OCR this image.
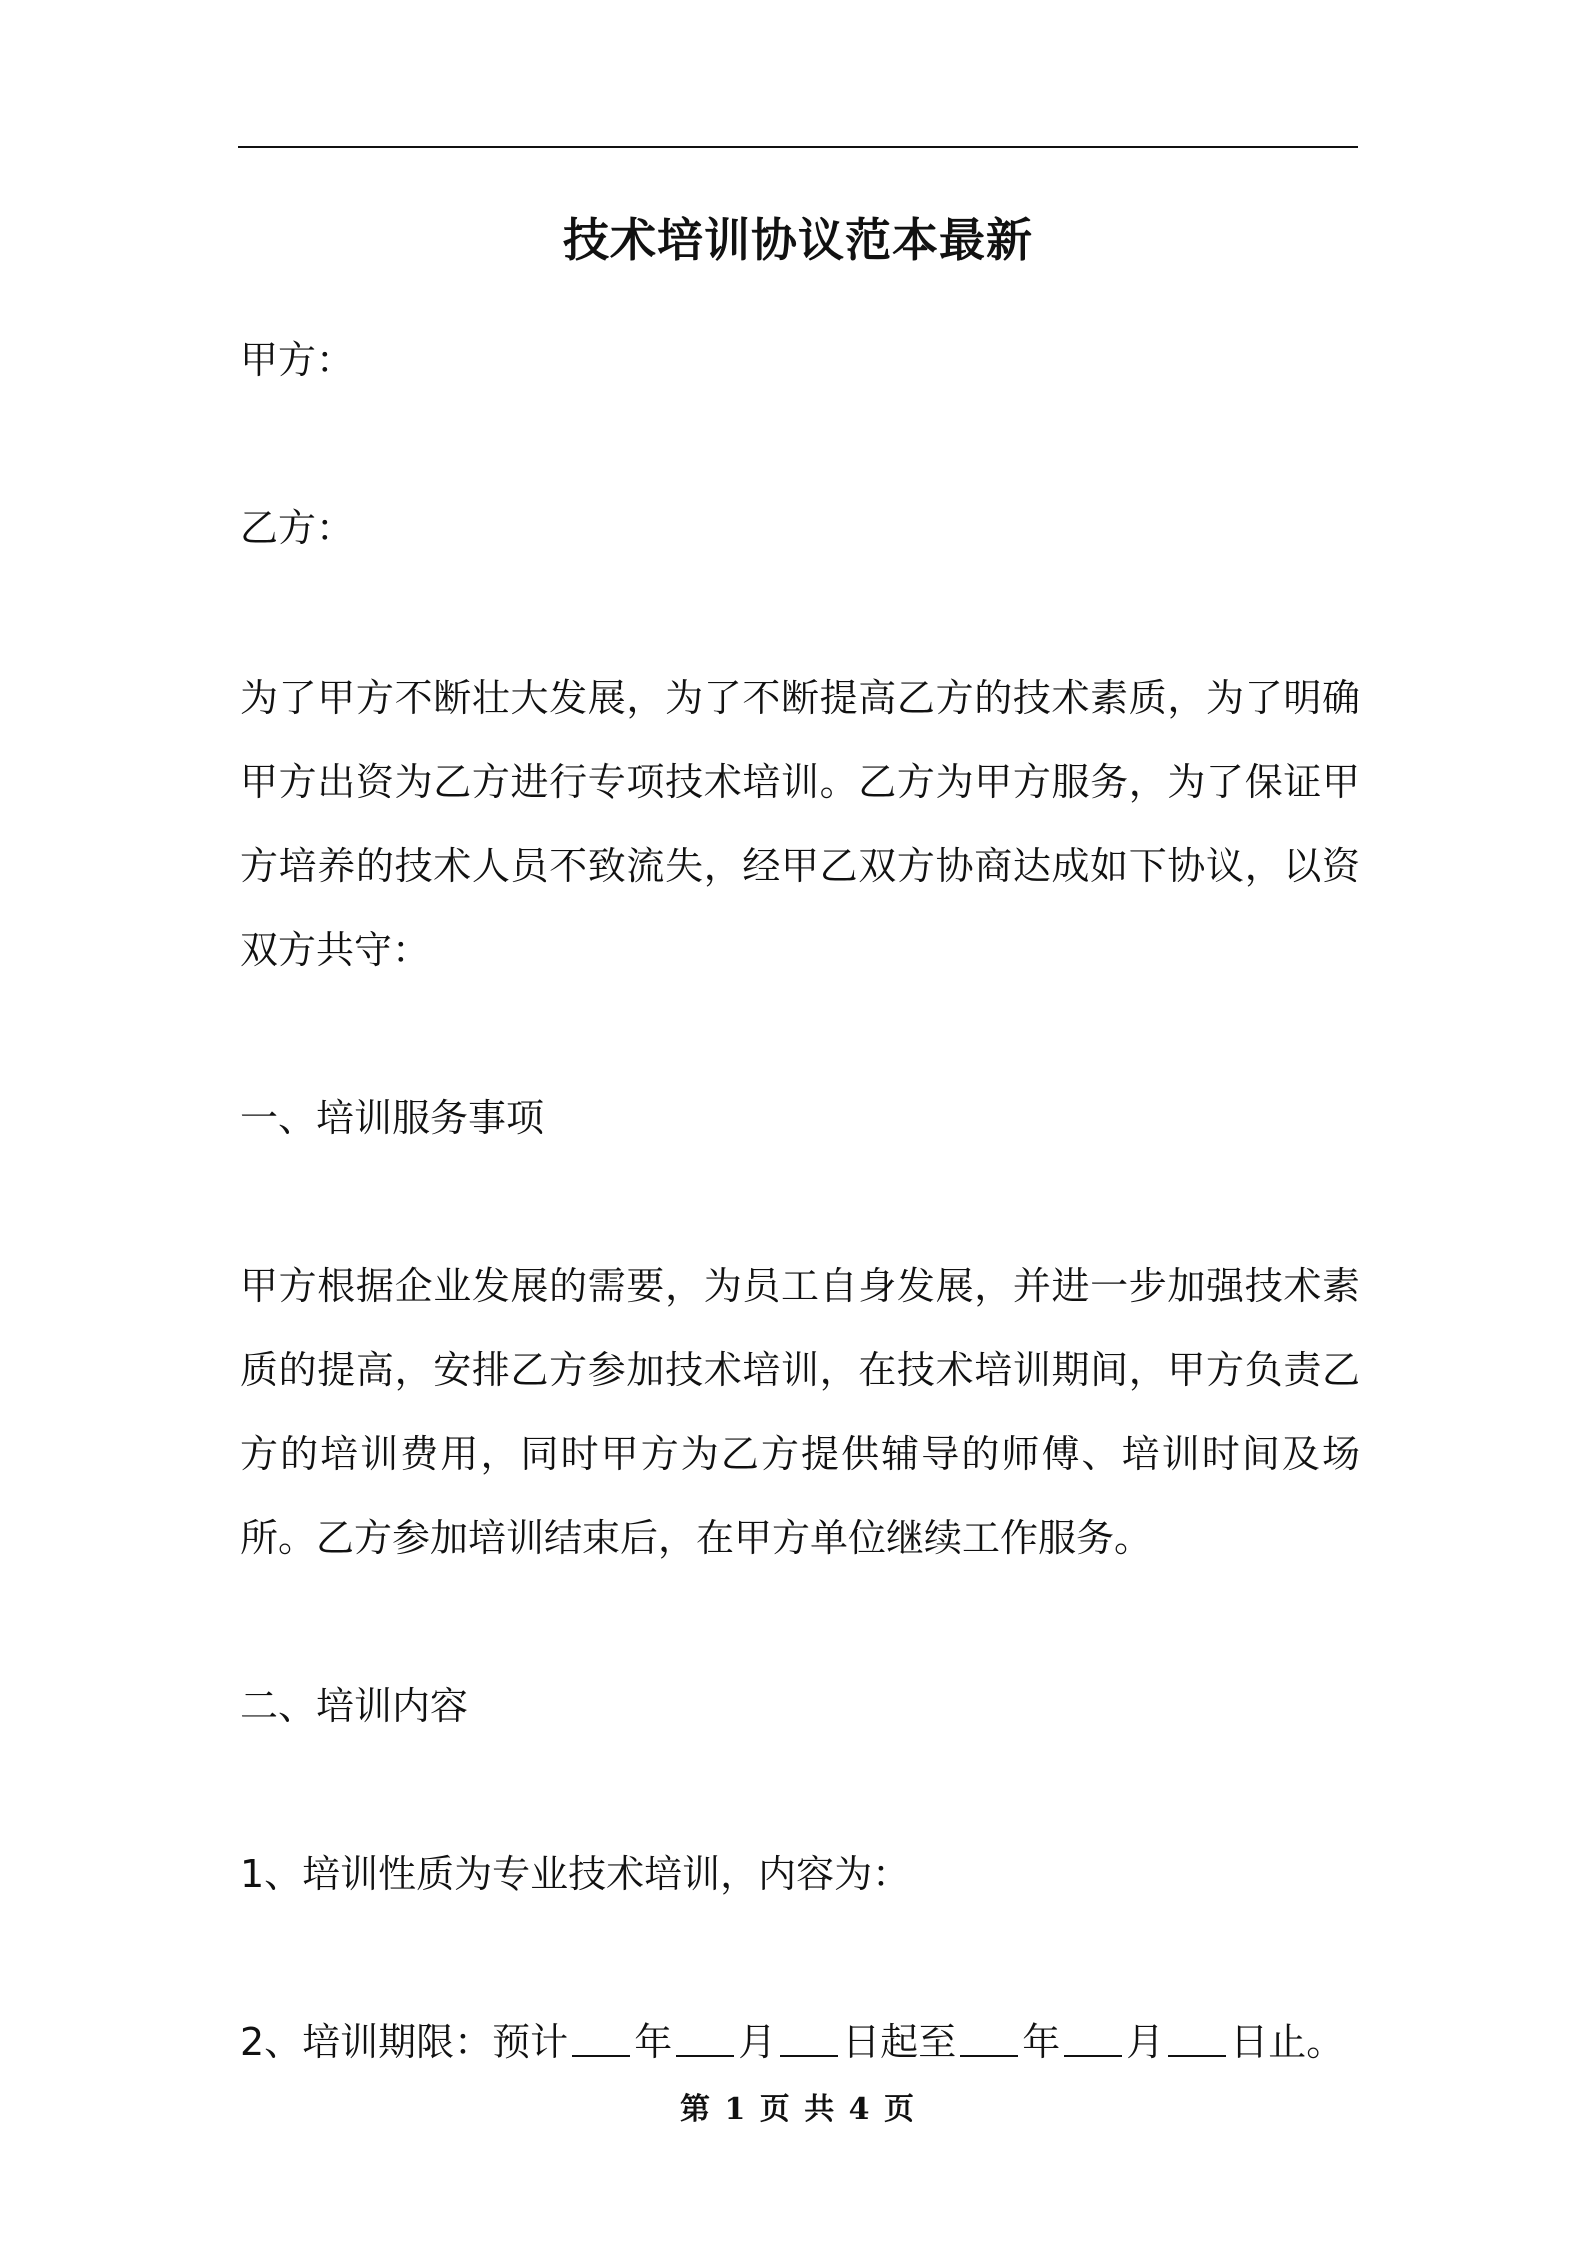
技术培训协议范本最新
甲方：
乙方：
为了甲方不断壮大发展，为了不断提高乙方的技术素质，为了明确甲方出资为乙方进行专项技术培训。乙方为甲方服务，为了保证甲方培养的技术人员不致流失，经甲乙双方协商达成如下协议，以资双方共守：
一、培训服务事项
甲方根据企业发展的需要，为员工自身发展，并进一步加强技术素质的提高，安排乙方参加技术培训，在技术培训期间，甲方负责乙方的培训费用，同时甲方为乙方提供辅导的师傅、培训时间及场所。乙方参加培训结束后，在甲方单位继续工作服务。
二、培训内容
1、培训性质为专业技术培训，内容为：
2、培训期限：预计 年 月 日起至 年 月 日止。
第 1 页 共 4 页
